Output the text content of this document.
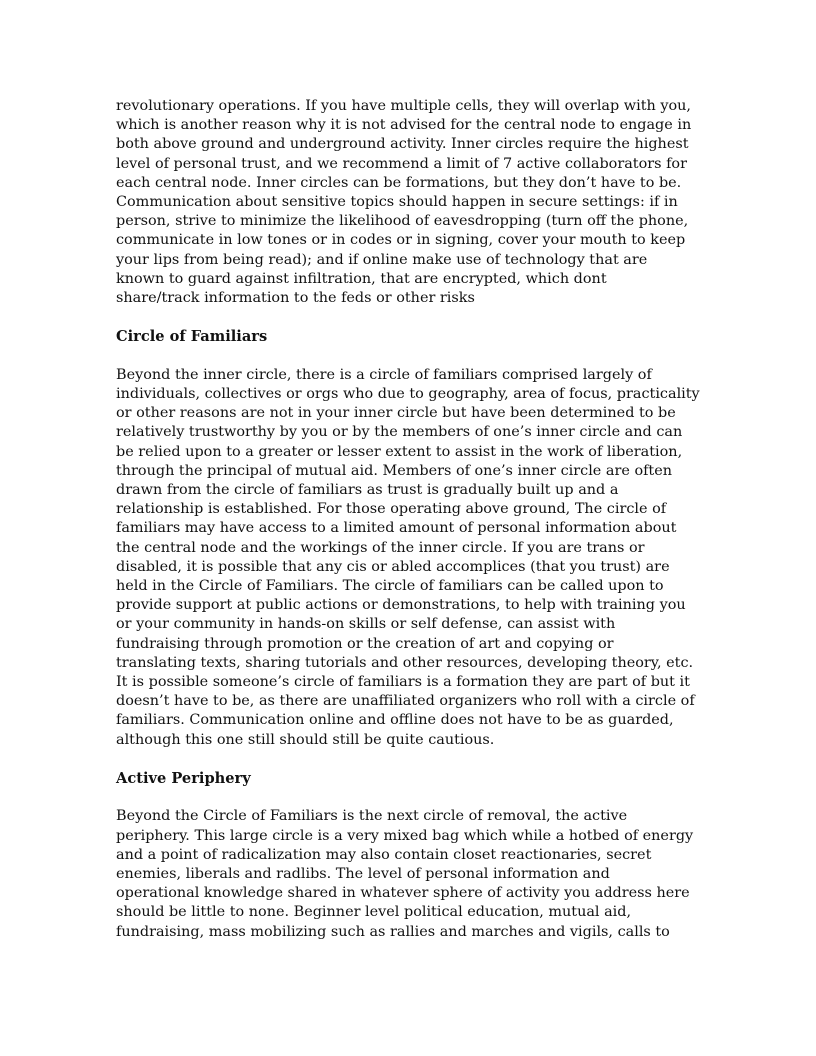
revolutionary operations. If you have multiple cells, they will overlap with you,
which is another reason why it is not advised for the central node to engage in
both above ground and underground activity. Inner circles require the highest
level of personal trust, and we recommend a limit of 7 active collaborators for
each central node. Inner circles can be formations, but they don’t have to be.
Communication about sensitive topics should happen in secure settings: if in
person, strive to minimize the likelihood of eavesdropping (turn off the phone,
communicate in low tones or in codes or in signing, cover your mouth to keep
your lips from being read); and if online make use of technology that are
known to guard against infiltration, that are encrypted, which dont
share/track information to the feds or other risks

Circle of Familiars

Beyond the inner circle, there is a circle of familiars comprised largely of
individuals, collectives or orgs who due to geography, area of focus, practicality
or other reasons are not in your inner circle but have been determined to be
relatively trustworthy by you or by the members of one’s inner circle and can
be relied upon to a greater or lesser extent to assist in the work of liberation,
through the principal of mutual aid. Members of one’s inner circle are often
drawn from the circle of familiars as trust is gradually built up and a
relationship is established. For those operating above ground, The circle of
familiars may have access to a limited amount of personal information about
the central node and the workings of the inner circle. If you are trans or
disabled, it is possible that any cis or abled accomplices (that you trust) are
held in the Circle of Familiars. The circle of familiars can be called upon to
provide support at public actions or demonstrations, to help with training you
or your community in hands-on skills or self defense, can assist with
fundraising through promotion or the creation of art and copying or
translating texts, sharing tutorials and other resources, developing theory, etc.
It is possible someone’s circle of familiars is a formation they are part of but it
doesn’t have to be, as there are unaffiliated organizers who roll with a circle of
familiars. Communication online and offline does not have to be as guarded,
although this one still should still be quite cautious.

Active Periphery

Beyond the Circle of Familiars is the next circle of removal, the active
periphery. This large circle is a very mixed bag which while a hotbed of energy
and a point of radicalization may also contain closet reactionaries, secret
enemies, liberals and radlibs. The level of personal information and
operational knowledge shared in whatever sphere of activity you address here
should be little to none. Beginner level political education, mutual aid,
fundraising, mass mobilizing such as rallies and marches and vigils, calls to
